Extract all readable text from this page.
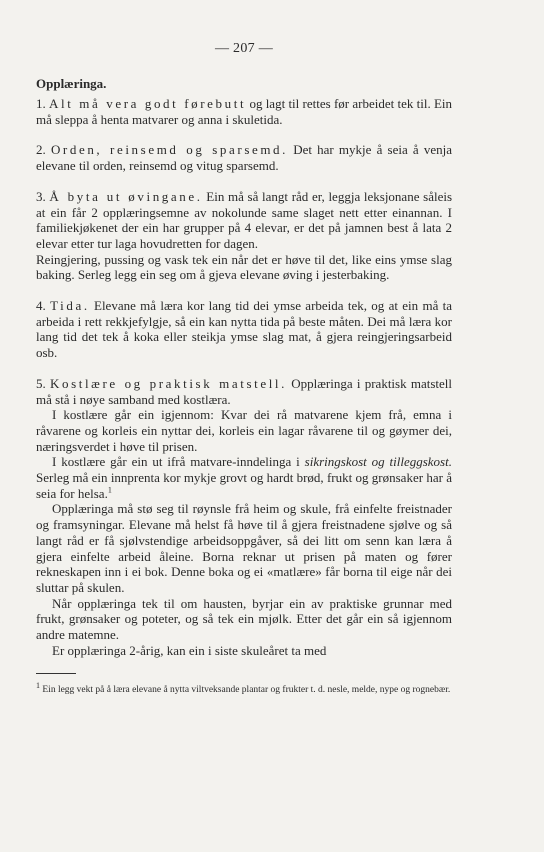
— 207 —
Opplæringa.

1. Alt må vera godt førebutt og lagt til rettes før arbeidet tek til. Ein må sleppa å henta matvarer og anna i skuletida.

2. Orden, reinsemd og sparsemd. Det har mykje å seia å venja elevane til orden, reinsemd og vitug sparsemd.

3. Å byta ut øvingane. Ein må så langt råd er, leggja leksjonane såleis at ein får 2 opplæringsemne av nokolunde same slaget nett etter einannan. I familiekjøkenet der ein har grupper på 4 elevar, er det på jamnen best å lata 2 elevar etter tur laga hovudretten for dagen.

Reingjering, pussing og vask tek ein når det er høve til det, like eins ymse slag baking. Serleg legg ein seg om å gjeva elevane øving i jesterbaking.

4. Tida. Elevane må læra kor lang tid dei ymse arbeida tek, og at ein må ta arbeida i rett rekkjefylgje, så ein kan nytta tida på beste måten. Dei må læra kor lang tid det tek å koka eller steikja ymse slag mat, å gjera reingjeringsarbeid osb.

5. Kostlære og praktisk matstell. Opplæringa i praktisk matstell må stå i nøye samband med kostlæra.

I kostlære går ein igjennom: Kvar dei rå matvarene kjem frå, emna i råvarene og korleis ein nyttar dei, korleis ein lagar råvarene til og gøymer dei, næringsverdet i høve til prisen.

I kostlære går ein ut ifrå matvare-inndelinga i sikringskost og tilleggskost. Serleg må ein innprenta kor mykje grovt og hardt brød, frukt og grønsaker har å seia for helsa.$^1$

Opplæringa må stø seg til røynsle frå heim og skule, frå einfelte freistnader og framsyningar. Elevane må helst få høve til å gjera freistnadene sjølve og så langt råd er få sjølvstendige arbeidsoppgåver, så dei litt om senn kan læra å gjera einfelte arbeid åleine. Borna reknar ut prisen på maten og fører rekneskapen inn i ei bok. Denne boka og ei «matlære» får borna til eige når dei sluttar på skulen.

Når opplæringa tek til om hausten, byrjar ein av praktiske grunnar med frukt, grønsaker og poteter, og så tek ein mjølk. Etter det går ein så igjennom andre matemne.

Er opplæringa 2-årig, kan ein i siste skuleåret ta med

$^1$ Ein legg vekt på å læra elevane å nytta viltveksande plantar og frukter t. d. nesle, melde, nype og rognebær.
